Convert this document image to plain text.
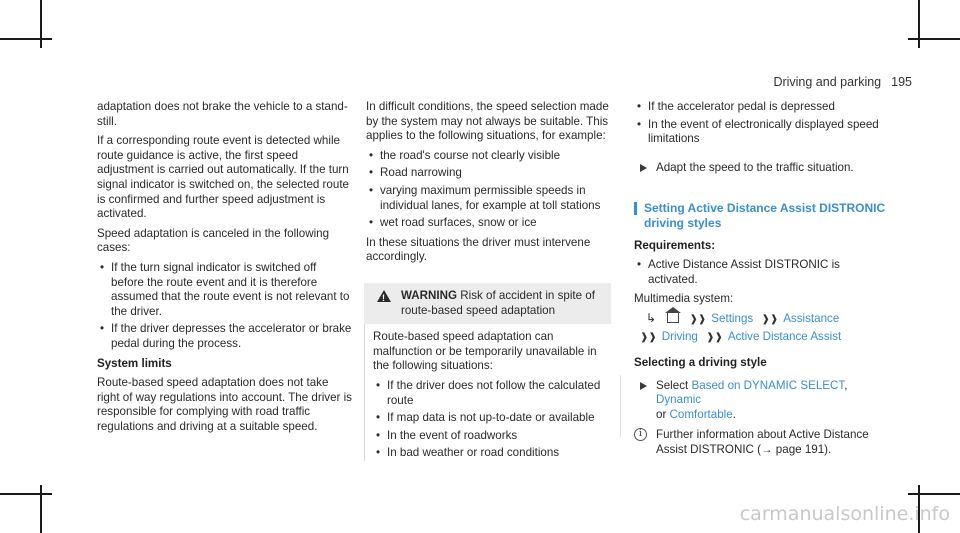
Driving and parking 195

adaptation does not brake the vehicle to a stand-still.

If a corresponding route event is detected while route guidance is active, the first speed adjustment is carried out automatically. If the turn signal indicator is switched on, the selected route is confirmed and further speed adjustment is activated.

Speed adaptation is canceled in the following cases:

• If the turn signal indicator is switched off before the route event and it is therefore assumed that the route event is not relevant to the driver.
• If the driver depresses the accelerator or brake pedal during the process.

System limits

Route-based speed adaptation does not take right of way regulations into account. The driver is responsible for complying with road traffic regulations and driving at a suitable speed.

In difficult conditions, the speed selection made by the system may not always be suitable. This applies to the following situations, for example:

• the road's course not clearly visible
• Road narrowing
• varying maximum permissible speeds in individual lanes, for example at toll stations
• wet road surfaces, snow or ice

In these situations the driver must intervene accordingly.

!
WARNING Risk of accident in spite of route-based speed adaptation

Route-based speed adaptation can malfunction or be temporarily unavailable in the following situations:

• If the driver does not follow the calculated route
• If map data is not up-to-date or available
• In the event of roadworks
• In bad weather or road conditions
• If the accelerator pedal is depressed
• In the event of electronically displayed speed limitations
Adapt the speed to the traffic situation.
Setting Active Distance Assist DISTRONIC driving styles

Requirements:

• Active Distance Assist DISTRONIC is activated.

Multimedia system:

↳	❱❱ Settings ❱❱ Assistance
❱❱ Driving ❱❱ Active Distance Assist

Selecting a driving style

Select Based on DYNAMIC SELECT, Dynamic
or Comfortable.
i	Further information about Active Distance Assist DISTRONIC (→ page 191).
carmanualsonline.info
